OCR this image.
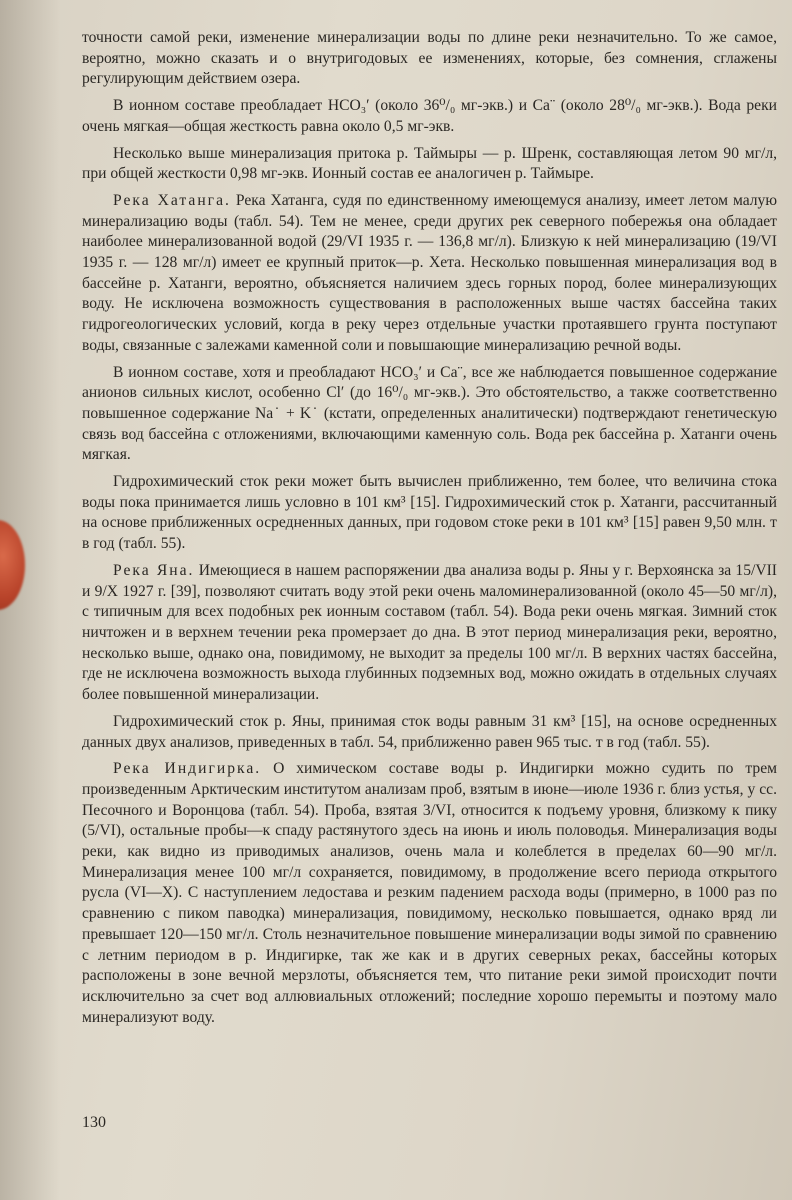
точности самой реки, изменение минерализации воды по длине реки незначительно. То же самое, вероятно, можно сказать и о внутригодовых ее изменениях, которые, без сомнения, сглажены регулирующим действием озера.

В ионном составе преобладает HCO₃′ (около 36⁰/₀ мг-экв.) и Ca¨ (около 28⁰/₀ мг-экв.). Вода реки очень мягкая—общая жесткость равна около 0,5 мг-экв.

Несколько выше минерализация притока р. Таймыры — р. Шренк, составляющая летом 90 мг/л, при общей жесткости 0,98 мг-экв. Ионный состав ее аналогичен р. Таймыре.

Река Хатанга. Река Хатанга, судя по единственному имеющемуся анализу, имеет летом малую минерализацию воды (табл. 54). Тем не менее, среди других рек северного побережья она обладает наиболее минерализованной водой (29/VI 1935 г. — 136,8 мг/л). Близкую к ней минерализацию (19/VI 1935 г. — 128 мг/л) имеет ее крупный приток—р. Хета. Несколько повышенная минерализация вод в бассейне р. Хатанги, вероятно, объясняется наличием здесь горных пород, более минерализующих воду. Не исключена возможность существования в расположенных выше частях бассейна таких гидрогеологических условий, когда в реку через отдельные участки протаявшего грунта поступают воды, связанные с залежами каменной соли и повышающие минерализацию речной воды.

В ионном составе, хотя и преобладают HCO₃′ и Ca¨, все же наблюдается повышенное содержание анионов сильных кислот, особенно Cl′ (до 16⁰/₀ мг-экв.). Это обстоятельство, а также соответственно повышенное содержание Na˙ + K˙ (кстати, определенных аналитически) подтверждают генетическую связь вод бассейна с отложениями, включающими каменную соль. Вода рек бассейна р. Хатанги очень мягкая.

Гидрохимический сток реки может быть вычислен приближенно, тем более, что величина стока воды пока принимается лишь условно в 101 км³ [15]. Гидрохимический сток р. Хатанги, рассчитанный на основе приближенных осредненных данных, при годовом стоке реки в 101 км³ [15] равен 9,50 млн. т в год (табл. 55).

Река Яна. Имеющиеся в нашем распоряжении два анализа воды р. Яны у г. Верхоянска за 15/VII и 9/X 1927 г. [39], позволяют считать воду этой реки очень маломинерализованной (около 45—50 мг/л), с типичным для всех подобных рек ионным составом (табл. 54). Вода реки очень мягкая. Зимний сток ничтожен и в верхнем течении река промерзает до дна. В этот период минерализация реки, вероятно, несколько выше, однако она, повидимому, не выходит за пределы 100 мг/л. В верхних частях бассейна, где не исключена возможность выхода глубинных подземных вод, можно ожидать в отдельных случаях более повышенной минерализации.

Гидрохимический сток р. Яны, принимая сток воды равным 31 км³ [15], на основе осредненных данных двух анализов, приведенных в табл. 54, приближенно равен 965 тыс. т в год (табл. 55).

Река Индигирка. О химическом составе воды р. Индигирки можно судить по трем произведенным Арктическим институтом анализам проб, взятым в июне—июле 1936 г. близ устья, у сс. Песочного и Воронцова (табл. 54). Проба, взятая 3/VI, относится к подъему уровня, близкому к пику (5/VI), остальные пробы—к спаду растянутого здесь на июнь и июль половодья. Минерализация воды реки, как видно из приводимых анализов, очень мала и колеблется в пределах 60—90 мг/л. Минерализация менее 100 мг/л сохраняется, повидимому, в продолжение всего периода открытого русла (VI—X). С наступлением ледостава и резким падением расхода воды (примерно, в 1000 раз по сравнению с пиком паводка) минерализация, повидимому, несколько повышается, однако вряд ли превышает 120—150 мг/л. Столь незначительное повышение минерализации воды зимой по сравнению с летним периодом в р. Индигирке, так же как и в других северных реках, бассейны которых расположены в зоне вечной мерзлоты, объясняется тем, что питание реки зимой происходит почти исключительно за счет вод аллювиальных отложений; последние хорошо перемыты и поэтому мало минерализуют воду.

130
